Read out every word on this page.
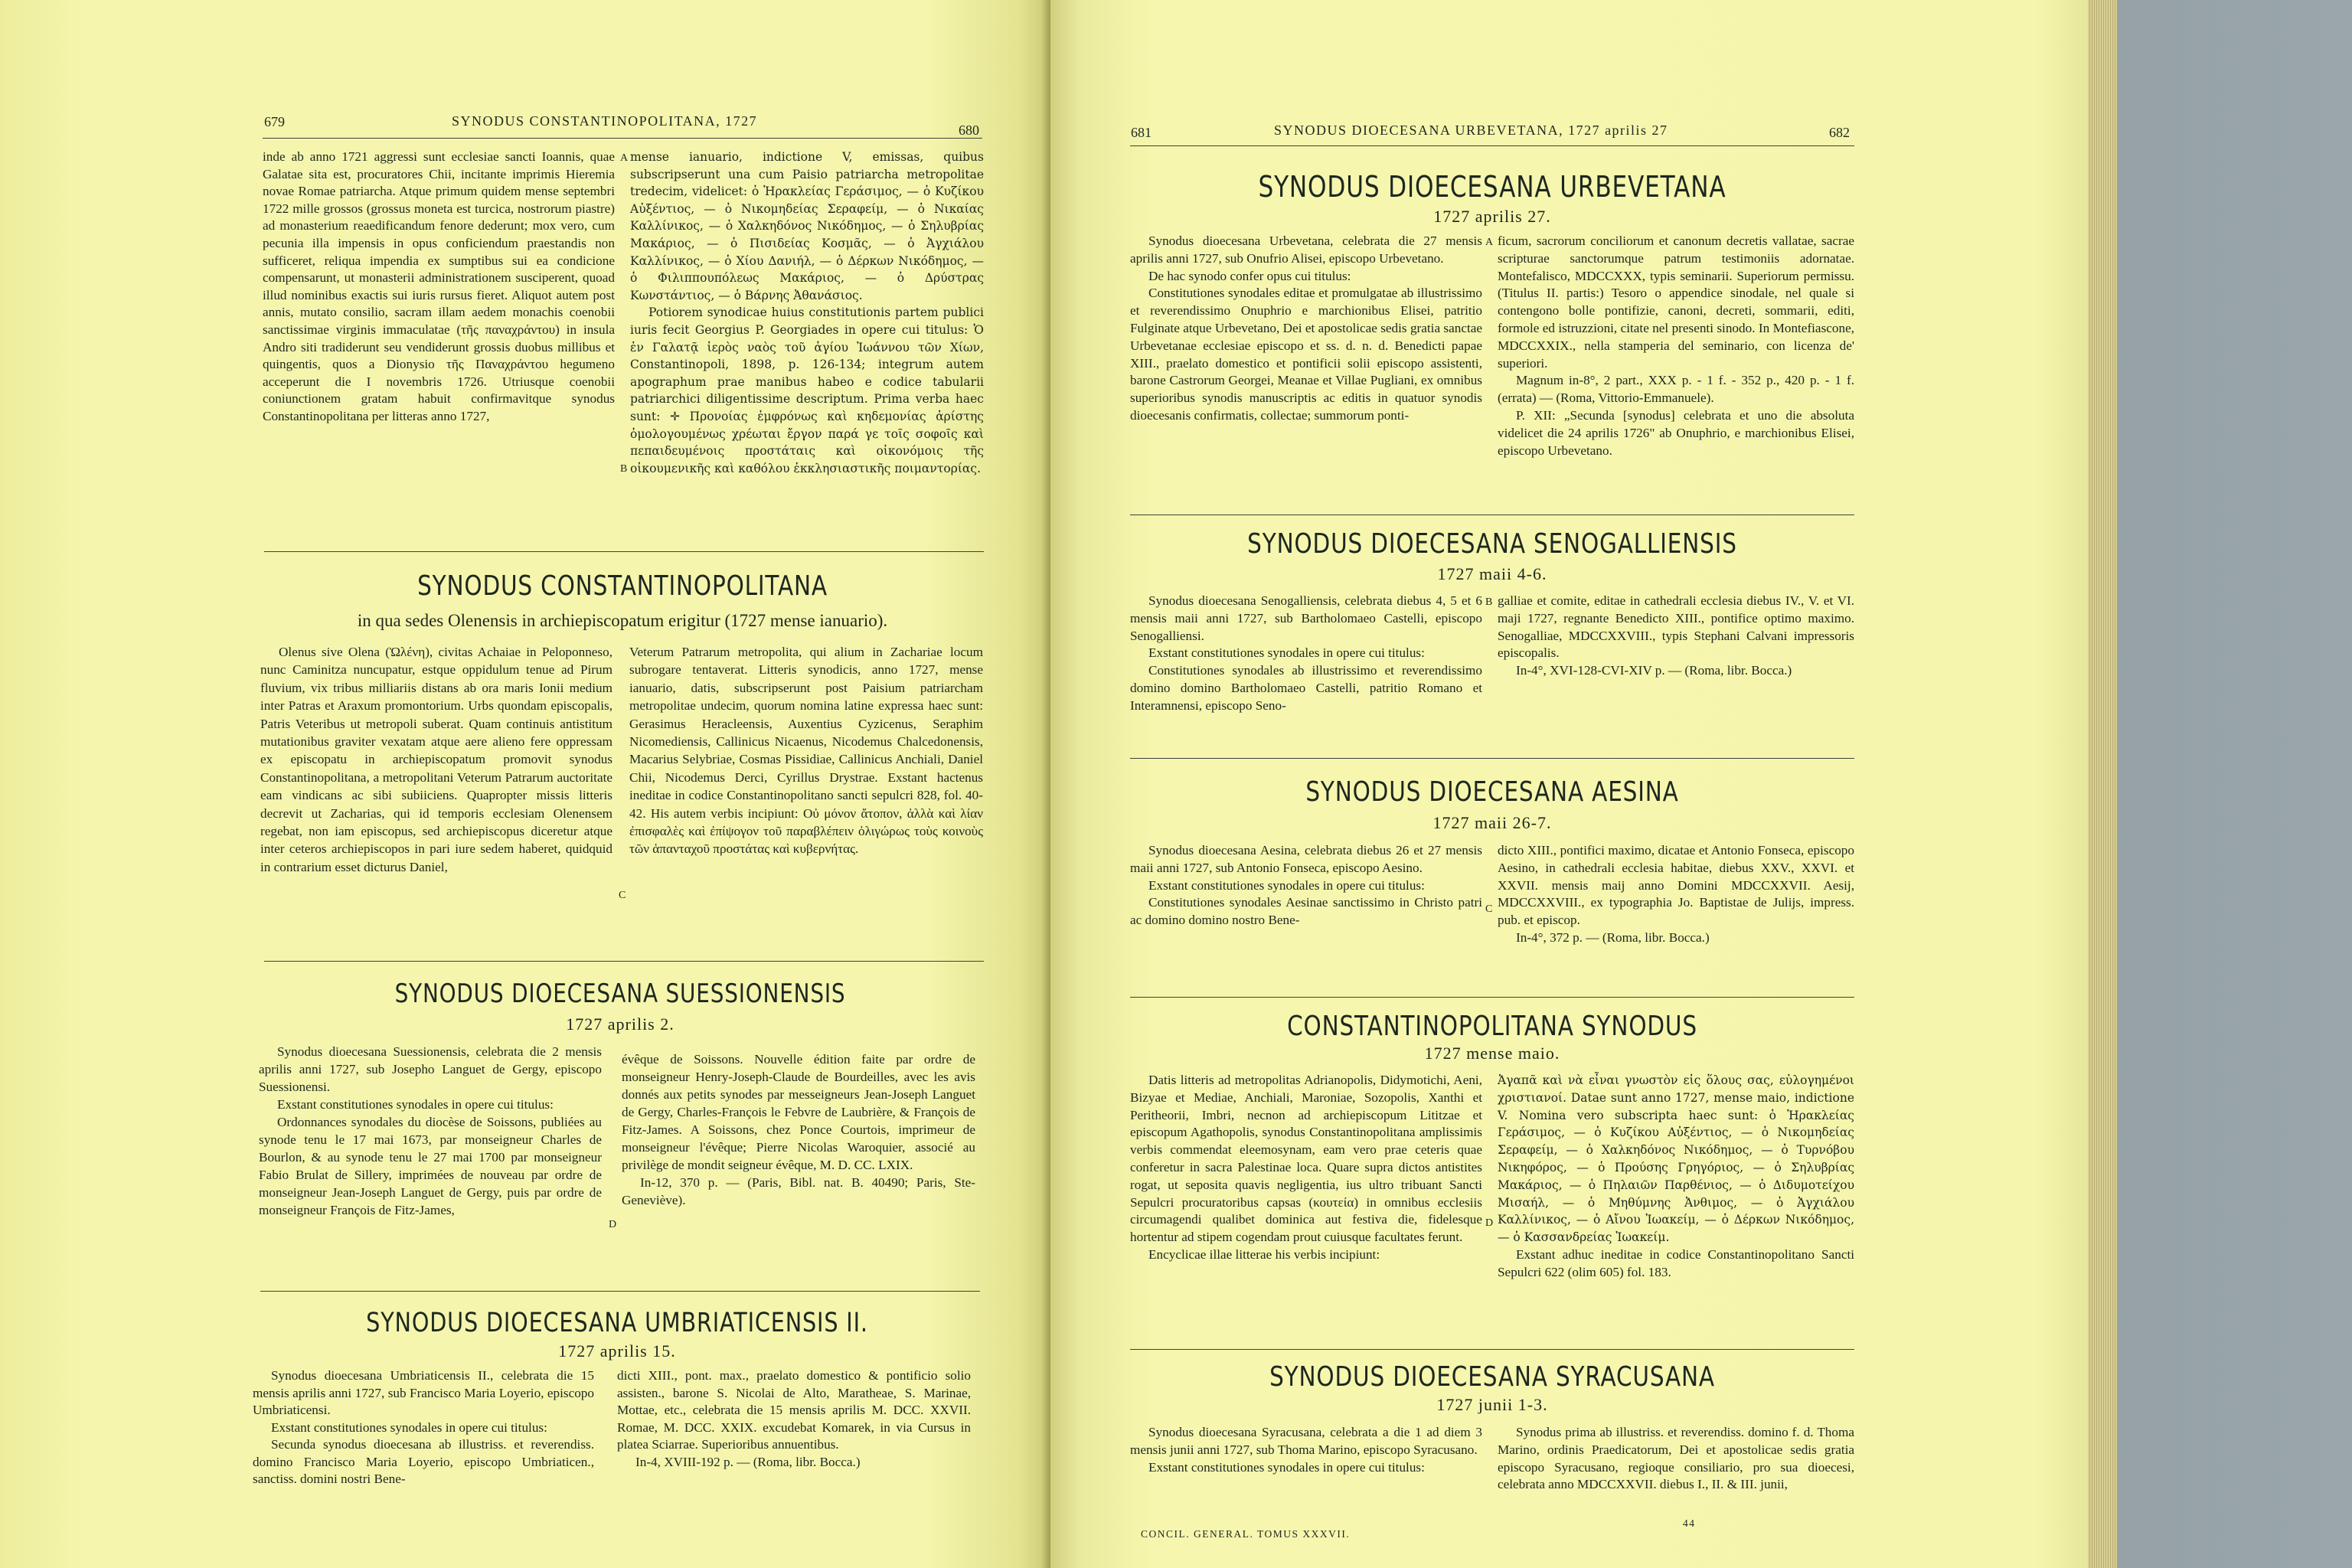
679	SYNODUS CONSTANTINOPOLITANA, 1727
680

inde ab anno 1721 aggressi sunt ecclesiae sancti Ioannis, quae Galatae sita est, procuratores Chii, incitante imprimis Hieremia novae Romae patriarcha. Atque primum quidem mense septembri 1722 mille grossos (grossus moneta est turcica, nostrorum piastre) ad monasterium reaedificandum fenore dederunt; mox vero, cum pecunia illa impensis in opus conficiendum praestandis non sufficeret, reliqua impendia ex sumptibus sui ea condicione compensarunt, ut monasterii administrationem susciperent, quoad illud nominibus exactis sui iuris rursus fieret. Aliquot autem post annis, mutato consilio, sacram illam aedem monachis coenobii sanctissimae virginis immaculatae (τῆς παναχράντου) in insula Andro siti tradiderunt seu vendiderunt grossis duobus millibus et quingentis, quos a Dionysio τῆς Παναχράντου hegumeno acceperunt die I novembris 1726. Utriusque coenobii coniunctionem gratam habuit confirmavitque synodus Constantinopolitana per litteras anno 1727,

A mense ianuario, indictione V, emissas, quibus subscripserunt una cum Paisio patriarcha metropolitae tredecim, videlicet: ὁ Ἡρακλείας Γεράσιμος, — ὁ Κυζίκου Αὐξέντιος, — ὁ Νικομηδείας Σεραφείμ, — ὁ Νικαίας Καλλίνικος, — ὁ Χαλκηδόνος Νικόδημος, — ὁ Σηλυβρίας Μακάριος, — ὁ Πισιδείας Κοσμᾶς, — ὁ Ἀγχιάλου Καλλίνικος, — ὁ Χίου Δανιήλ, — ὁ Δέρκων Νικόδημος, — ὁ Φιλιππουπόλεως Μακάριος, — ὁ Δρύστρας Κωνστάντιος, — ὁ Βάρνης Ἀθανάσιος.

Potiorem synodicae huius constitutionis partem publici iuris fecit Georgius P. Georgiades in opere cui titulus: Ὁ ἐν Γαλατᾷ ἱερὸς ναὸς τοῦ ἁγίου Ἰωάννου τῶν Χίων, Constantinopoli, 1898, p. 126-134; integrum autem apographum prae manibus habeo e codice tabularii patriarchici diligentissime descriptum. Prima verba haec sunt: ✛ Προνοίας ἐμφρόνως καὶ κηδεμονίας ἀρίστης ὁμολογουμένως χρέωται ἔργον παρά γε τοῖς σοφοῖς καὶ πεπαιδευμένοις προστάταις καὶ οἰκονόμοις τῆς οἰκουμενικῆς καὶ καθόλου ἐκκλησιαστικῆς ποιμαντορίας.

B
SYNODUS CONSTANTINOPOLITANA
in qua sedes Olenensis in archiepiscopatum erigitur (1727 mense ianuario).

Olenus sive Olena (Ὠλένη), civitas Achaiae in Peloponneso, nunc Caminitza nuncupatur, estque oppidulum tenue ad Pirum fluvium, vix tribus milliariis distans ab ora maris Ionii medium inter Patras et Araxum promontorium. Urbs quondam episcopalis, Patris Veteribus ut metropoli suberat. Quam continuis antistitum mutationibus graviter vexatam atque aere alieno fere oppressam ex episcopatu in archiepiscopatum promovit synodus Constantinopolitana, a metropolitani Veterum Patrarum auctoritate eam vindicans ac sibi subiiciens. Quapropter missis litteris decrevit ut Zacharias, qui id temporis ecclesiam Olenensem regebat, non iam episcopus, sed archiepiscopus diceretur atque inter ceteros archiepiscopos in pari iure sedem haberet, quidquid in contrarium esset dicturus Daniel,

C

Veterum Patrarum metropolita, qui alium in Zachariae locum subrogare tentaverat. Litteris synodicis, anno 1727, mense ianuario, datis, subscripserunt post Paisium patriarcham metropolitae undecim, quorum nomina latine expressa haec sunt: Gerasimus Heracleensis, Auxentius Cyzicenus, Seraphim Nicomediensis, Callinicus Nicaenus, Nicodemus Chalcedonensis, Macarius Selybriae, Cosmas Pissidiae, Callinicus Anchiali, Daniel Chii, Nicodemus Derci, Cyrillus Drystrae. Exstant hactenus ineditae in codice Constantinopolitano sancti sepulcri 828, fol. 40-42. His autem verbis incipiunt: Οὐ μόνον ἄτοπον, ἀλλὰ καὶ λίαν ἐπισφαλὲς καὶ ἐπίψογον τοῦ παραβλέπειν ὀλιγώρως τοὺς κοινοὺς τῶν ἁπανταχοῦ προστάτας καὶ κυβερνήτας.

SYNODUS DIOECESANA SUESSIONENSIS
1727 aprilis 2.

Synodus dioecesana Suessionensis, celebrata die 2 mensis aprilis anni 1727, sub Josepho Languet de Gergy, episcopo Suessionensi.

Exstant constitutiones synodales in opere cui titulus:

Ordonnances synodales du diocèse de Soissons, publiées au synode tenu le 17 mai 1673, par monseigneur Charles de Bourlon, & au synode tenu le 27 mai 1700 par monseigneur Fabio Brulat de Sillery, imprimées de nouveau par ordre de monseigneur Jean-Joseph Languet de Gergy, puis par ordre de monseigneur François de Fitz-James,

D

évêque de Soissons. Nouvelle édition faite par ordre de monseigneur Henry-Joseph-Claude de Bourdeilles, avec les avis donnés aux petits synodes par messeigneurs Jean-Joseph Languet de Gergy, Charles-François le Febvre de Laubrière, & François de Fitz-James. A Soissons, chez Ponce Courtois, imprimeur de monseigneur l'évêque; Pierre Nicolas Waroquier, associé au privilège de mondit seigneur évêque, M. D. CC. LXIX.

In-12, 370 p. — (Paris, Bibl. nat. B. 40490; Paris, Ste-Geneviève).

SYNODUS DIOECESANA UMBRIATICENSIS II.
1727 aprilis 15.

Synodus dioecesana Umbriaticensis II., celebrata die 15 mensis aprilis anni 1727, sub Francisco Maria Loyerio, episcopo Umbriaticensi.

Exstant constitutiones synodales in opere cui titulus:

Secunda synodus dioecesana ab illustriss. et reverendiss. domino Francisco Maria Loyerio, episcopo Umbriaticen., sanctiss. domini nostri Bene-

dicti XIII., pont. max., praelato domestico & pontificio solio assisten., barone S. Nicolai de Alto, Maratheae, S. Marinae, Mottae, etc., celebrata die 15 mensis aprilis M. DCC. XXVII. Romae, M. DCC. XXIX. excudebat Komarek, in via Cursus in platea Sciarrae. Superioribus annuentibus.

In-4, XVIII-192 p. — (Roma, libr. Bocca.)

681	SYNODUS DIOECESANA URBEVETANA, 1727 aprilis 27	682
SYNODUS DIOECESANA URBEVETANA
1727 aprilis 27.

Synodus dioecesana Urbevetana, celebrata die 27 mensis aprilis anni 1727, sub Onufrio Alisei, episcopo Urbevetano.

De hac synodo confer opus cui titulus:

Constitutiones synodales editae et promulgatae ab illustrissimo et reverendissimo Onuphrio e marchionibus Elisei, patritio Fulginate atque Urbevetano, Dei et apostolicae sedis gratia sanctae Urbevetanae ecclesiae episcopo et ss. d. n. d. Benedicti papae XIII., praelato domestico et pontificii solii episcopo assistenti, barone Castrorum Georgei, Meanae et Villae Pugliani, ex omnibus superioribus synodis manuscriptis ac editis in quatuor synodis dioecesanis confirmatis, collectae; summorum ponti-

A ficum, sacrorum conciliorum et canonum decretis vallatae, sacrae scripturae sanctorumque patrum testimoniis adornatae. Montefalisco, MDCCXXX, typis seminarii. Superiorum permissu. (Titulus II. partis:) Tesoro o appendice sinodale, nel quale si contengono bolle pontifizie, canoni, decreti, sommarii, editi, formole ed istruzzioni, citate nel presenti sinodo. In Montefiascone, MDCCXXIX., nella stamperia del seminario, con licenza de' superiori.

Magnum in-8°, 2 part., XXX p. - 1 f. - 352 p., 420 p. - 1 f. (errata) — (Roma, Vittorio-Emmanuele).

P. XII: „Secunda [synodus] celebrata et uno die absoluta videlicet die 24 aprilis 1726" ab Onuphrio, e marchionibus Elisei, episcopo Urbevetano.

SYNODUS DIOECESANA SENOGALLIENSIS
1727 maii 4-6.

Synodus dioecesana Senogalliensis, celebrata diebus 4, 5 et 6 mensis maii anni 1727, sub Bartholomaeo Castelli, episcopo Senogalliensi.

Exstant constitutiones synodales in opere cui titulus:

Constitutiones synodales ab illustrissimo et reverendissimo domino domino Bartholomaeo Castelli, patritio Romano et Interamnensi, episcopo Seno-

B galliae et comite, editae in cathedrali ecclesia diebus IV., V. et VI. maji 1727, regnante Benedicto XIII., pontifice optimo maximo. Senogalliae, MDCCXXVIII., typis Stephani Calvani impressoris episcopalis.

In-4°, XVI-128-CVI-XIV p. — (Roma, libr. Bocca.)

SYNODUS DIOECESANA AESINA
1727 maii 26-7.

Synodus dioecesana Aesina, celebrata diebus 26 et 27 mensis maii anni 1727, sub Antonio Fonseca, episcopo Aesino.

Exstant constitutiones synodales in opere cui titulus:

Constitutiones synodales Aesinae sanctissimo in Christo patri ac domino domino nostro Bene-

C

dicto XIII., pontifici maximo, dicatae et Antonio Fonseca, episcopo Aesino, in cathedrali ecclesia habitae, diebus XXV., XXVI. et XXVII. mensis maij anno Domini MDCCXXVII. Aesij, MDCCXXVIII., ex typographia Jo. Baptistae de Julijs, impress. pub. et episcop.

In-4°, 372 p. — (Roma, libr. Bocca.)

CONSTANTINOPOLITANA SYNODUS
1727 mense maio.

Datis litteris ad metropolitas Adrianopolis, Didymotichi, Aeni, Bizyae et Mediae, Anchiali, Maroniae, Sozopolis, Xanthi et Peritheorii, Imbri, necnon ad archiepiscopum Lititzae et episcopum Agathopolis, synodus Constantinopolitana amplissimis verbis commendat eleemosynam, eam vero prae ceteris quae conferetur in sacra Palestinae loca. Quare supra dictos antistites rogat, ut seposita quavis negligentia, ius ultro tribuant Sancti Sepulcri procuratoribus capsas (κουτεία) in omnibus ecclesiis circumagendi qualibet dominica aut festiva die, fidelesque hortentur ad stipem cogendam prout cuiusque facultates ferunt.

Encyclicae illae litterae his verbis incipiunt:

D

Ἀγαπᾶ καὶ νὰ εἶναι γνωστὸν εἰς ὅλους σας, εὐλογημένοι χριστιανοί. Datae sunt anno 1727, mense maio, indictione V. Nomina vero subscripta haec sunt: ὁ Ἡρακλείας Γεράσιμος, — ὁ Κυζίκου Αὐξέντιος, — ὁ Νικομηδείας Σεραφείμ, — ὁ Χαλκηδόνος Νικόδημος, — ὁ Τυρνόβου Νικηφόρος, — ὁ Προύσης Γρηγόριος, — ὁ Σηλυβρίας Μακάριος, — ὁ Πηλαιῶν Παρθένιος, — ὁ Διδυμοτείχου Μισαήλ, — ὁ Μηθύμνης Ἀνθιμος, — ὁ Ἀγχιάλου Καλλίνικος, — ὁ Αἴνου Ἰωακείμ, — ὁ Δέρκων Νικόδημος, — ὁ Κασσανδρείας Ἰωακείμ.

Exstant adhuc ineditae in codice Constantinopolitano Sancti Sepulcri 622 (olim 605) fol. 183.

SYNODUS DIOECESANA SYRACUSANA
1727 junii 1-3.

Synodus dioecesana Syracusana, celebrata a die 1 ad diem 3 mensis junii anni 1727, sub Thoma Marino, episcopo Syracusano.

Exstant constitutiones synodales in opere cui titulus:

Synodus prima ab illustriss. et reverendiss. domino f. d. Thoma Marino, ordinis Praedicatorum, Dei et apostolicae sedis gratia episcopo Syracusano, regioque consiliario, pro sua dioecesi, celebrata anno MDCCXXVII. diebus I., II. & III. junii,

CONCIL. GENERAL. TOMUS XXXVII.
44
